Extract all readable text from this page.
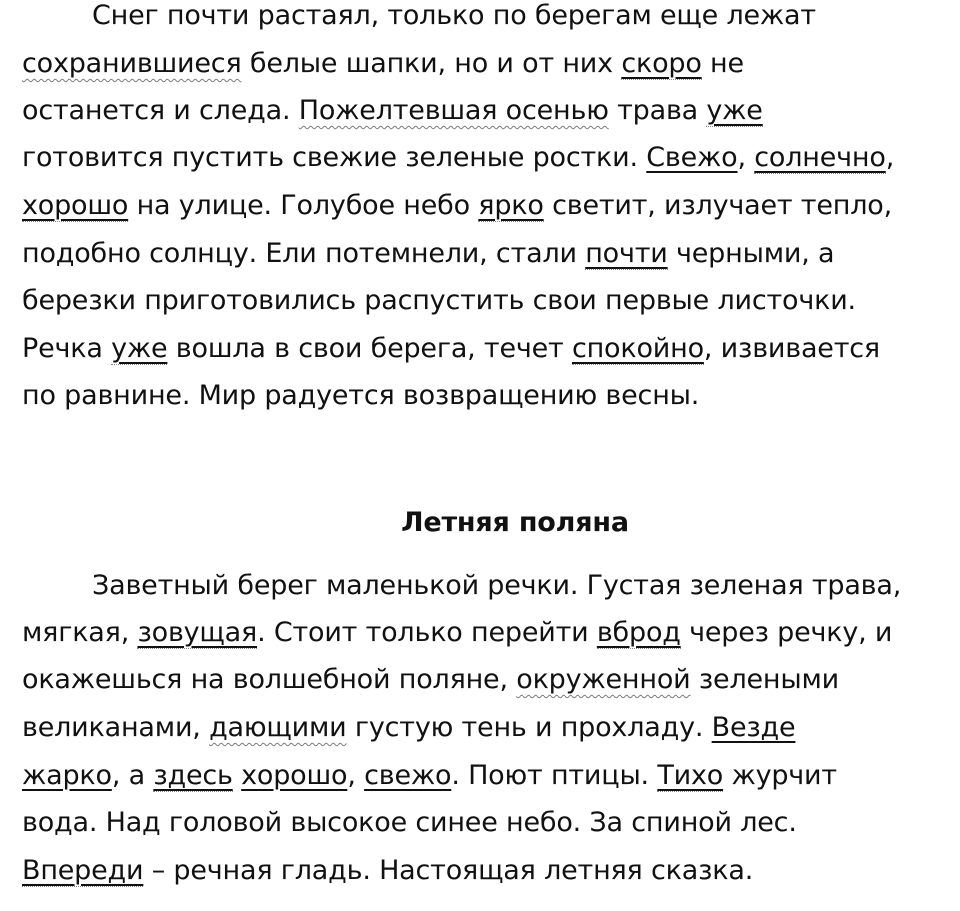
Снег почти растаял, только по берегам еще лежат
сохранившиеся белые шапки, но и от них скоро не
останется и следа. Пожелтевшая осенью трава уже
готовится пустить свежие зеленые ростки. Свежо, солнечно,
хорошо на улице. Голубое небо ярко светит, излучает тепло,
подобно солнцу. Ели потемнели, стали почти черными, а
березки приготовились распустить свои первые листочки.
Речка уже вошла в свои берега, течет спокойно, извивается
по равнине. Мир радуется возвращению весны.
Летняя поляна
Заветный берег маленькой речки. Густая зеленая трава,
мягкая, зовущая. Стоит только перейти вброд через речку, и
окажешься на волшебной поляне, окруженной зелеными
великанами, дающими густую тень и прохладу. Везде
жарко, а здесь хорошо, свежо. Поют птицы. Тихо журчит
вода. Над головой высокое синее небо. За спиной лес.
Впереди – речная гладь. Настоящая летняя сказка.
